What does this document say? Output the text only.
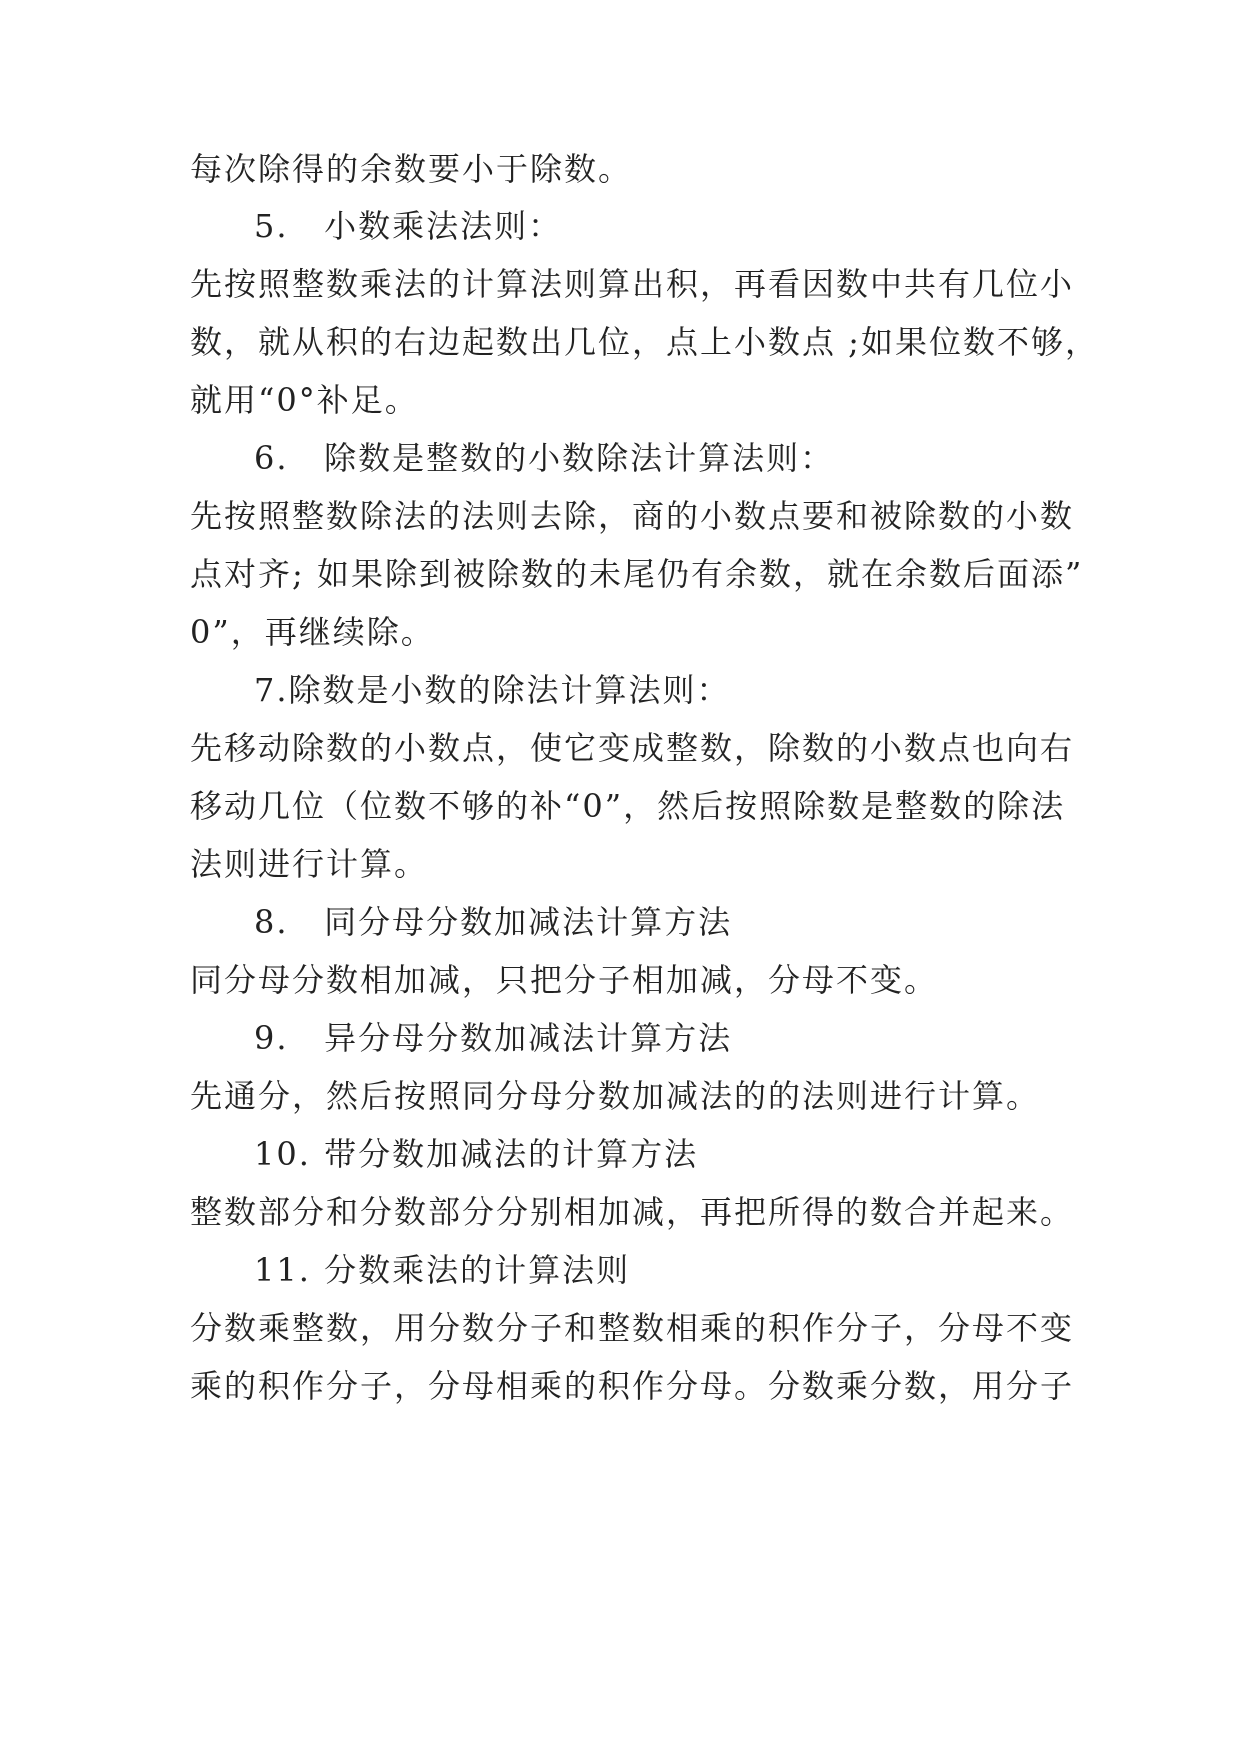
每次除得的余数要小于除数。
5. 小数乘法法则：
先按照整数乘法的计算法则算出积，再看因数中共有几位小
数，就从积的右边起数出几位，点上小数点 ;如果位数不够，
就用“0°补足。
6. 除数是整数的小数除法计算法则：
先按照整数除法的法则去除，商的小数点要和被除数的小数
点对齐; 如果除到被除数的未尾仍有余数，就在余数后面添”
0”，再继续除。
7.除数是小数的除法计算法则：
先移动除数的小数点，使它变成整数，除数的小数点也向右
移动几位（位数不够的补“0”，然后按照除数是整数的除法
法则进行计算。
8. 同分母分数加减法计算方法
同分母分数相加减，只把分子相加减，分母不变。
9. 异分母分数加减法计算方法
先通分，然后按照同分母分数加减法的的法则进行计算。
10. 带分数加减法的计算方法
整数部分和分数部分分别相加减，再把所得的数合并起来。
11. 分数乘法的计算法则
分数乘整数，用分数分子和整数相乘的积作分子，分母不变
乘的积作分子，分母相乘的积作分母。分数乘分数，用分子
